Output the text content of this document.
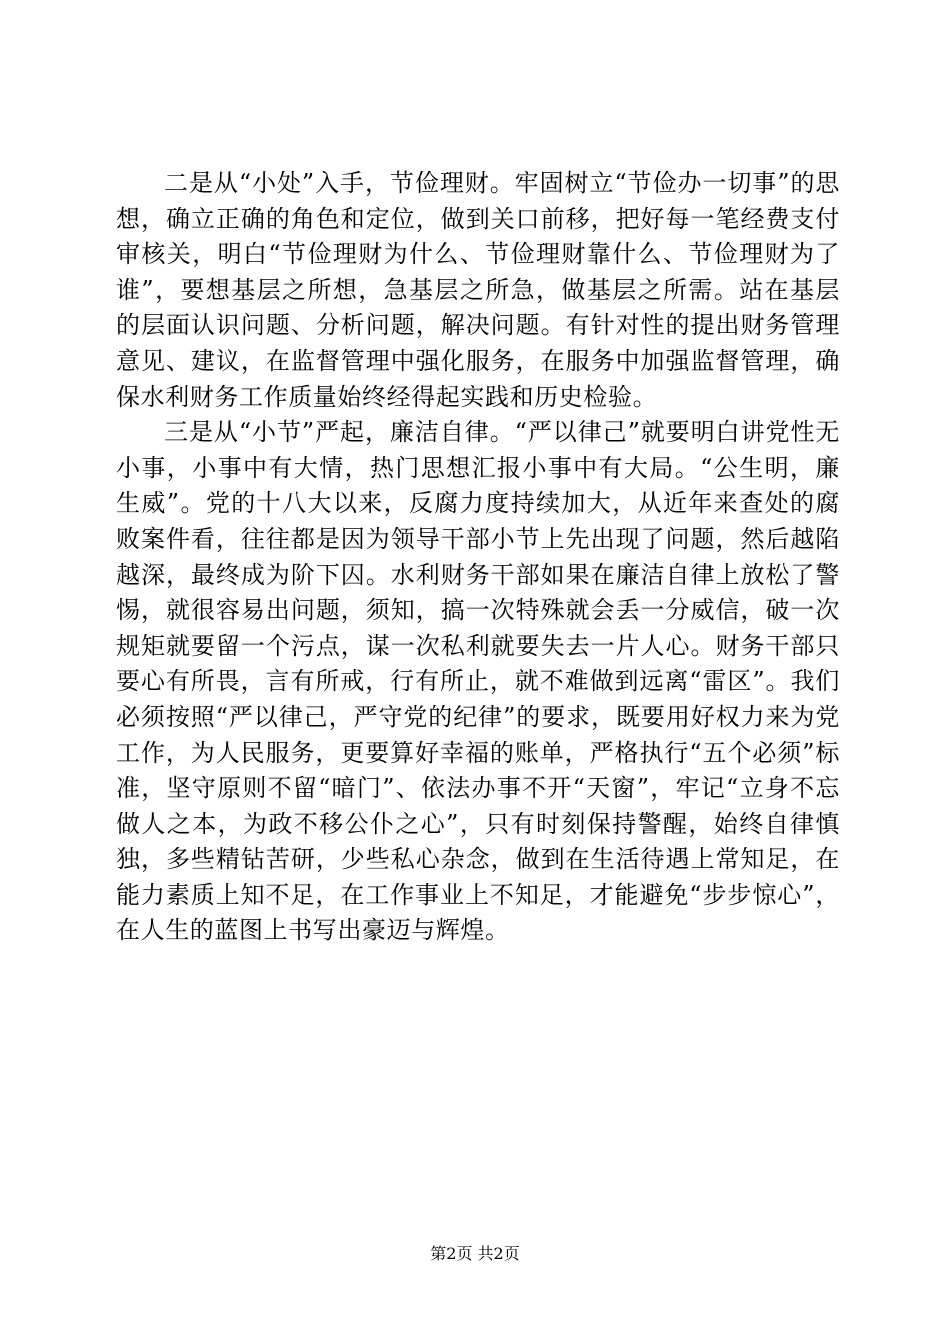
二是从“小处”入手，节俭理财。牢固树立“节俭办一切事”的思想，确立正确的角色和定位，做到关口前移，把好每一笔经费支付审核关，明白“节俭理财为什么、节俭理财靠什么、节俭理财为了谁”，要想基层之所想，急基层之所急，做基层之所需。站在基层的层面认识问题、分析问题，解决问题。有针对性的提出财务管理意见、建议，在监督管理中强化服务，在服务中加强监督管理，确保水利财务工作质量始终经得起实践和历史检验。

三是从“小节”严起，廉洁自律。“严以律己”就要明白讲党性无小事，小事中有大情，热门思想汇报小事中有大局。“公生明，廉生威”。党的十八大以来，反腐力度持续加大，从近年来查处的腐败案件看，往往都是因为领导干部小节上先出现了问题，然后越陷越深，最终成为阶下囚。水利财务干部如果在廉洁自律上放松了警惕，就很容易出问题，须知，搞一次特殊就会丢一分威信，破一次规矩就要留一个污点，谋一次私利就要失去一片人心。财务干部只要心有所畏，言有所戒，行有所止，就不难做到远离“雷区”。我们必须按照“严以律己，严守党的纪律”的要求，既要用好权力来为党工作，为人民服务，更要算好幸福的账单，严格执行“五个必须”标准，坚守原则不留“暗门”、依法办事不开“天窗”，牢记“立身不忘做人之本，为政不移公仆之心”，只有时刻保持警醒，始终自律慎独，多些精钻苦研，少些私心杂念，做到在生活待遇上常知足，在能力素质上知不足，在工作事业上不知足，才能避免“步步惊心”，在人生的蓝图上书写出豪迈与辉煌。

第2页 共2页
